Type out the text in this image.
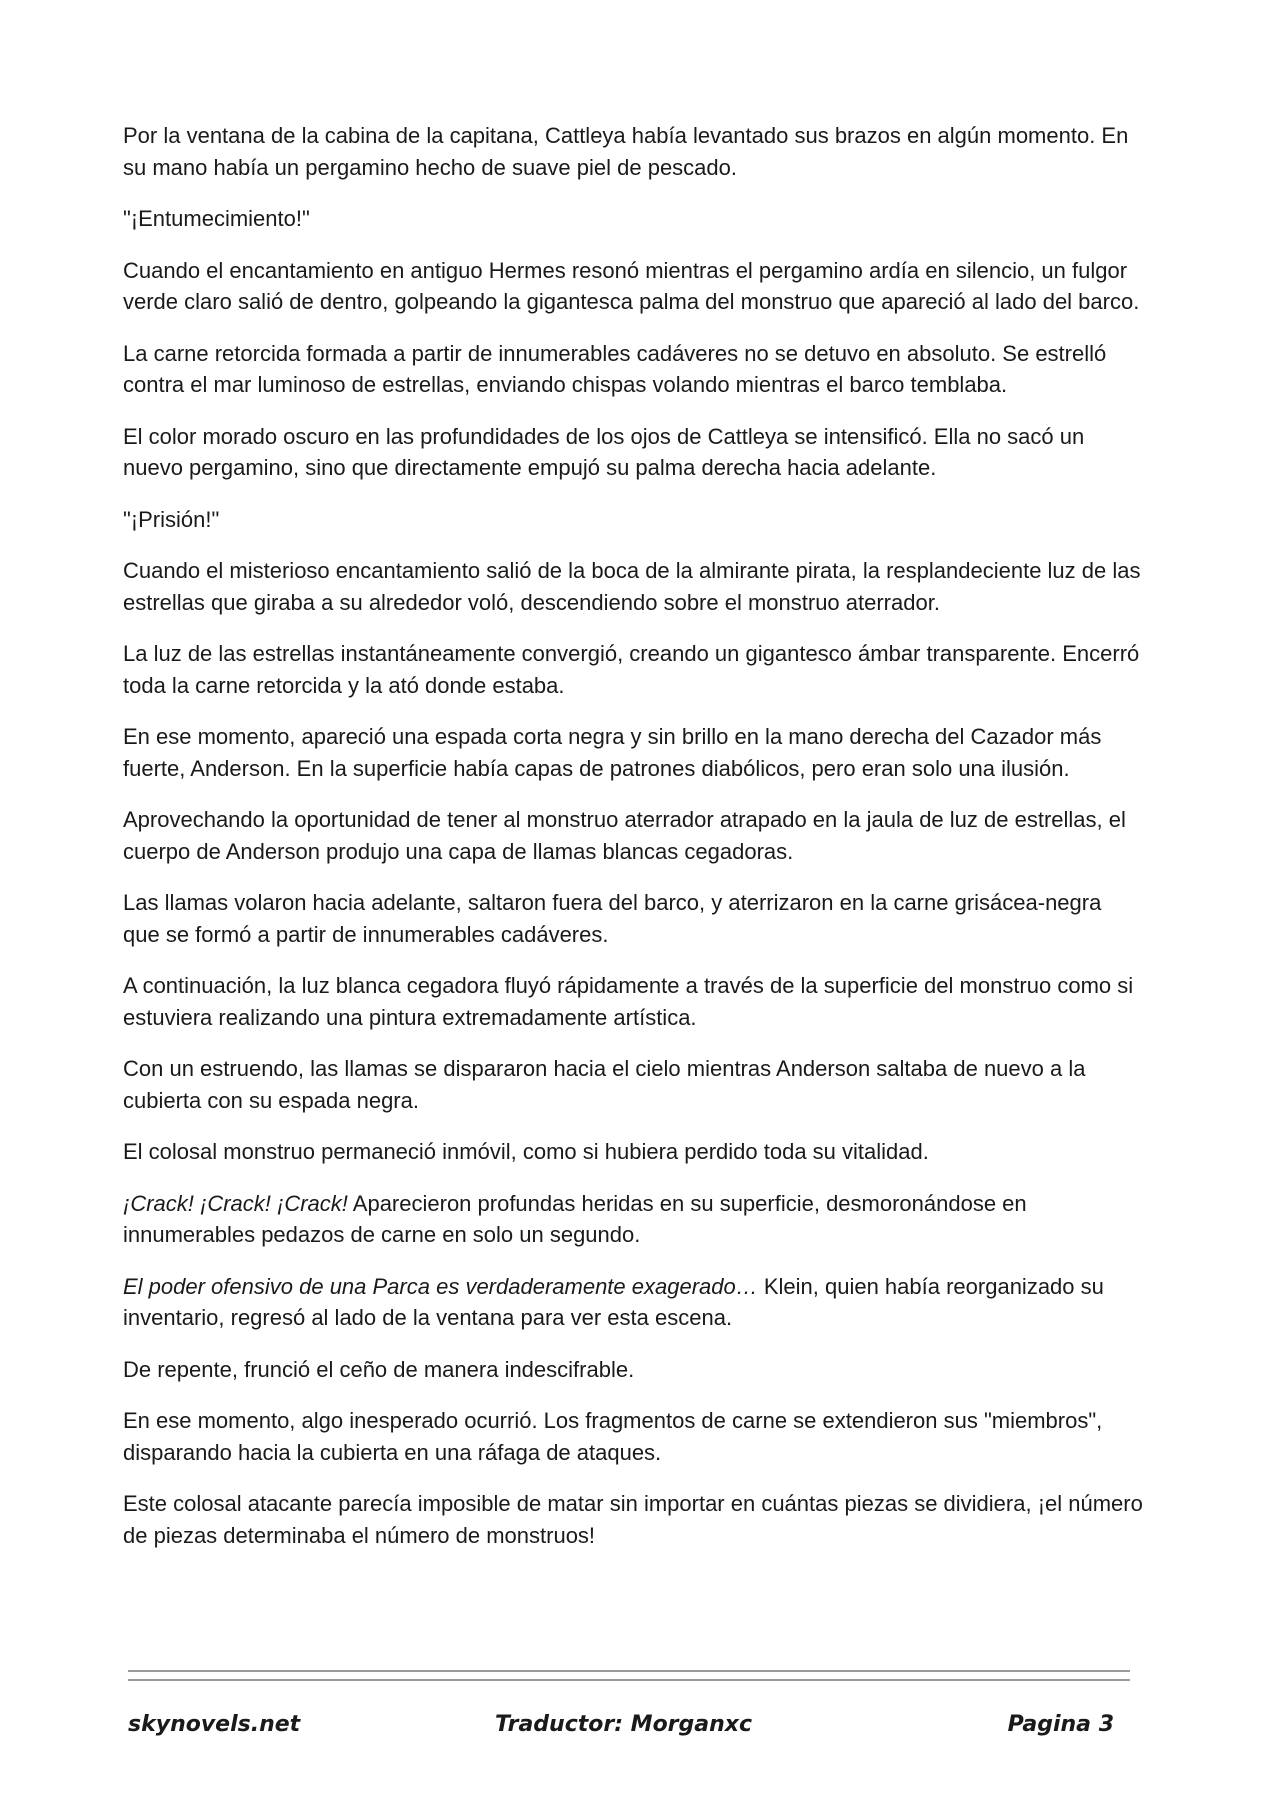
Por la ventana de la cabina de la capitana, Cattleya había levantado sus brazos en algún momento. En su mano había un pergamino hecho de suave piel de pescado.

"¡Entumecimiento!"

Cuando el encantamiento en antiguo Hermes resonó mientras el pergamino ardía en silencio, un fulgor verde claro salió de dentro, golpeando la gigantesca palma del monstruo que apareció al lado del barco.

La carne retorcida formada a partir de innumerables cadáveres no se detuvo en absoluto. Se estrelló contra el mar luminoso de estrellas, enviando chispas volando mientras el barco temblaba.

El color morado oscuro en las profundidades de los ojos de Cattleya se intensificó. Ella no sacó un nuevo pergamino, sino que directamente empujó su palma derecha hacia adelante.

"¡Prisión!"

Cuando el misterioso encantamiento salió de la boca de la almirante pirata, la resplandeciente luz de las estrellas que giraba a su alrededor voló, descendiendo sobre el monstruo aterrador.

La luz de las estrellas instantáneamente convergió, creando un gigantesco ámbar transparente. Encerró toda la carne retorcida y la ató donde estaba.

En ese momento, apareció una espada corta negra y sin brillo en la mano derecha del Cazador más fuerte, Anderson. En la superficie había capas de patrones diabólicos, pero eran solo una ilusión.

Aprovechando la oportunidad de tener al monstruo aterrador atrapado en la jaula de luz de estrellas, el cuerpo de Anderson produjo una capa de llamas blancas cegadoras.

Las llamas volaron hacia adelante, saltaron fuera del barco, y aterrizaron en la carne grisácea-negra que se formó a partir de innumerables cadáveres.

A continuación, la luz blanca cegadora fluyó rápidamente a través de la superficie del monstruo como si estuviera realizando una pintura extremadamente artística.

Con un estruendo, las llamas se dispararon hacia el cielo mientras Anderson saltaba de nuevo a la cubierta con su espada negra.

El colosal monstruo permaneció inmóvil, como si hubiera perdido toda su vitalidad.

¡Crack! ¡Crack! ¡Crack! Aparecieron profundas heridas en su superficie, desmoronándose en innumerables pedazos de carne en solo un segundo.

El poder ofensivo de una Parca es verdaderamente exagerado… Klein, quien había reorganizado su inventario, regresó al lado de la ventana para ver esta escena.

De repente, frunció el ceño de manera indescifrable.

En ese momento, algo inesperado ocurrió. Los fragmentos de carne se extendieron sus "miembros", disparando hacia la cubierta en una ráfaga de ataques.

Este colosal atacante parecía imposible de matar sin importar en cuántas piezas se dividiera, ¡el número de piezas determinaba el número de monstruos!

skynovels.net	Traductor: Morganxc	Pagina 3
